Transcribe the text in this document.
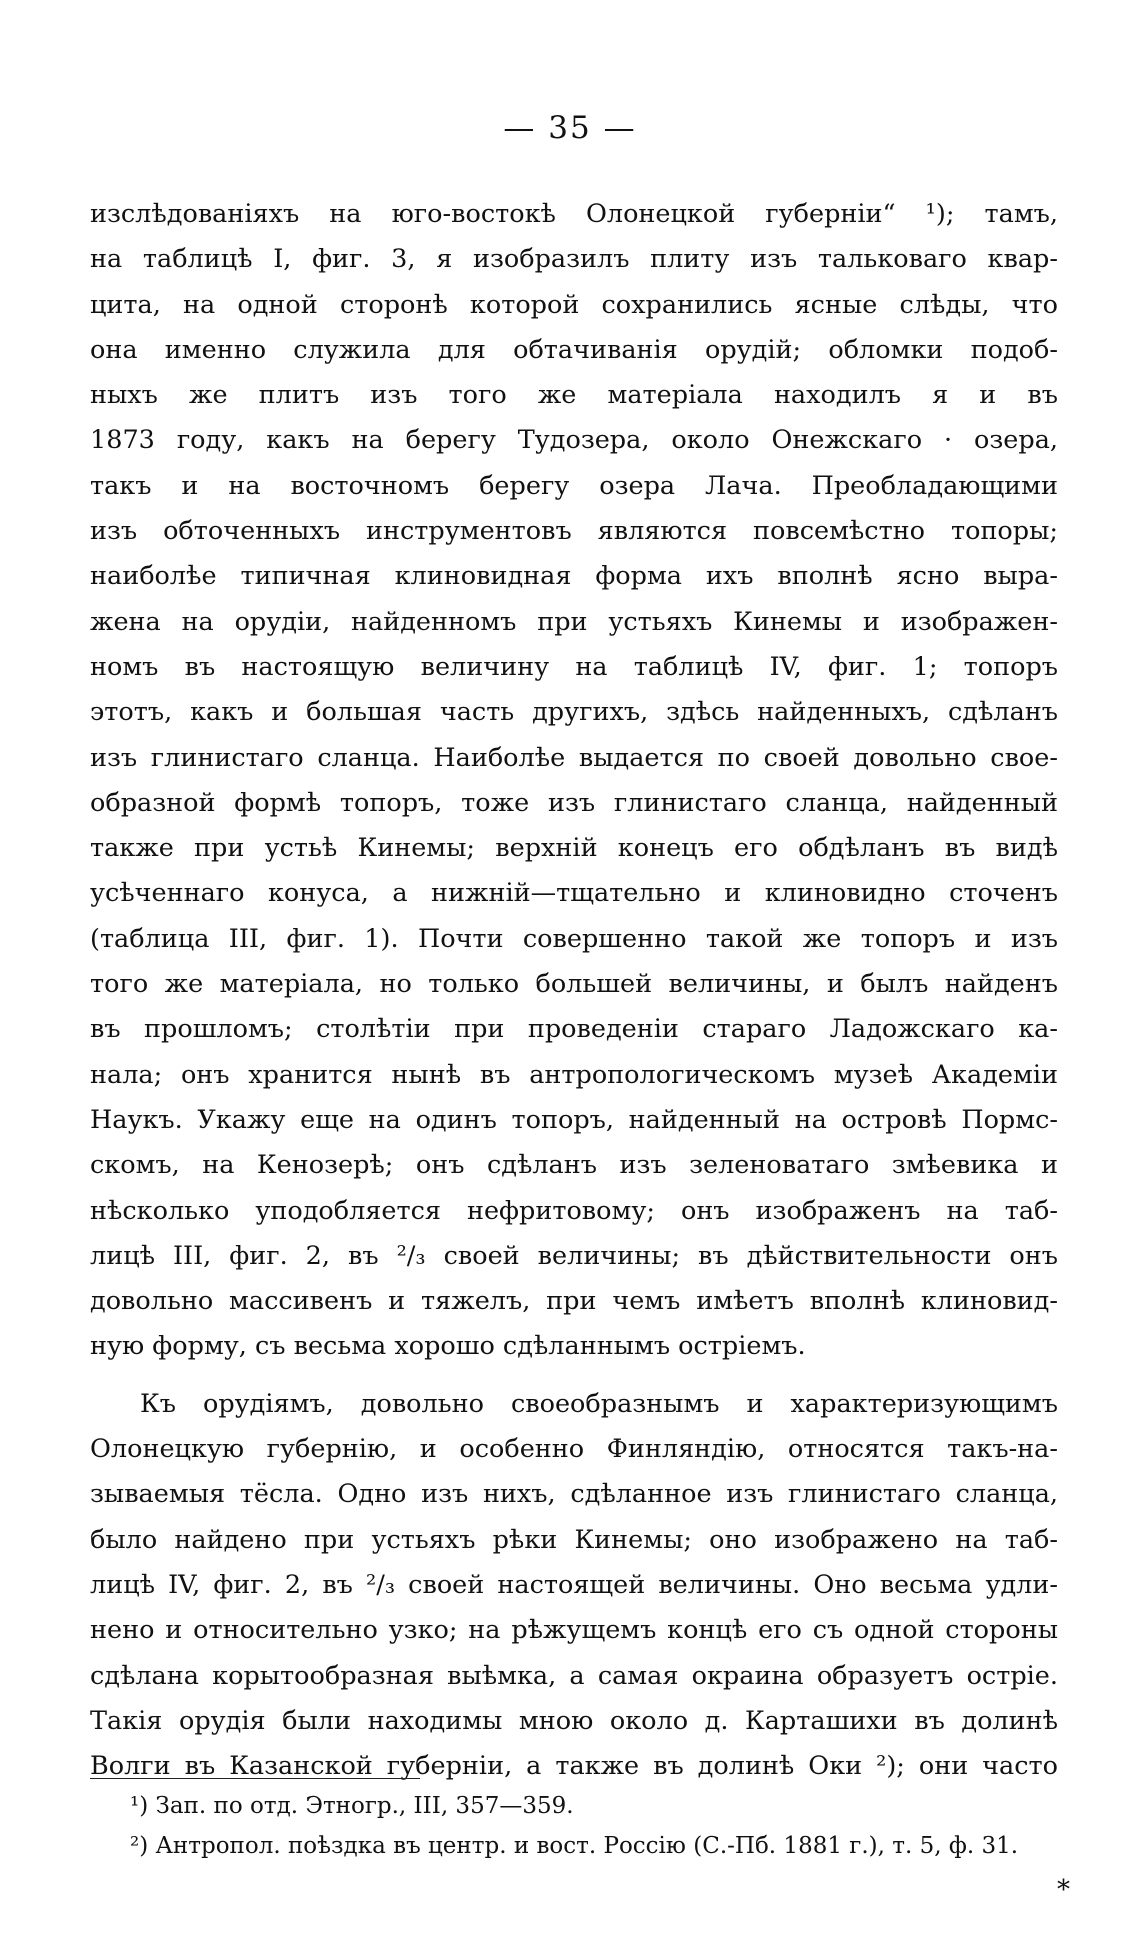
— 35 —
изслѣдованіяхъ на юго-востокѣ Олонецкой губерніи“ ¹); тамъ,
на таблицѣ I, фиг. 3, я изобразилъ плиту изъ тальковаго квар-
цита, на одной сторонѣ которой сохранились ясные слѣды, что
она именно служила для обтачиванія орудій; обломки подоб-
ныхъ же плитъ изъ того же матеріала находилъ я и въ
1873 году, какъ на берегу Тудозера, около Онежскаго · озера,
такъ и на восточномъ берегу озера Лача. Преобладающими
изъ обточенныхъ инструментовъ являются повсемѣстно топоры;
наиболѣе типичная клиновидная форма ихъ вполнѣ ясно выра-
жена на орудіи, найденномъ при устьяхъ Кинемы и изображен-
номъ въ настоящую величину на таблицѣ IV, фиг. 1; топоръ
этотъ, какъ и большая часть другихъ, здѣсь найденныхъ, сдѣланъ
изъ глинистаго сланца. Наиболѣе выдается по своей довольно свое-
образной формѣ топоръ, тоже изъ глинистаго сланца, найденный
также при устьѣ Кинемы; верхній конецъ его обдѣланъ въ видѣ
усѣченнаго конуса, а нижній—тщательно и клиновидно сточенъ
(таблица III, фиг. 1). Почти совершенно такой же топоръ и изъ
того же матеріала, но только большей величины, и былъ найденъ
въ прошломъ; столѣтіи при проведеніи стараго Ладожскаго ка-
нала; онъ хранится нынѣ въ антропологическомъ музеѣ Академіи
Наукъ. Укажу еще на одинъ топоръ, найденный на островѣ Пормс-
скомъ, на Кенозерѣ; онъ сдѣланъ изъ зеленоватаго змѣевика и
нѣсколько уподобляется нефритовому; онъ изображенъ на таб-
лицѣ III, фиг. 2, въ ²/₃ своей величины; въ дѣйствительности онъ
довольно массивенъ и тяжелъ, при чемъ имѣетъ вполнѣ клиновид-
ную форму, съ весьма хорошо сдѣланнымъ остріемъ.
Къ орудіямъ, довольно своеобразнымъ и характеризующимъ
Олонецкую губернію, и особенно Финляндію, относятся такъ-на-
зываемыя тёсла. Одно изъ нихъ, сдѣланное изъ глинистаго сланца,
было найдено при устьяхъ рѣки Кинемы; оно изображено на таб-
лицѣ IV, фиг. 2, въ ²/₃ своей настоящей величины. Оно весьма удли-
нено и относительно узко; на рѣжущемъ концѣ его съ одной стороны
сдѣлана корытообразная выѣмка, а самая окраина образуетъ острiе.
Такія орудія были находимы мною около д. Карташихи въ долинѣ
Волги въ Казанской губерніи, а также въ долинѣ Оки ²); они часто
¹) Зап. по отд. Этногр., III, 357—359.
²) Антропол. поѣздка въ центр. и вост. Россію (С.-Пб. 1881 г.), т. 5, ф. 31.
*
